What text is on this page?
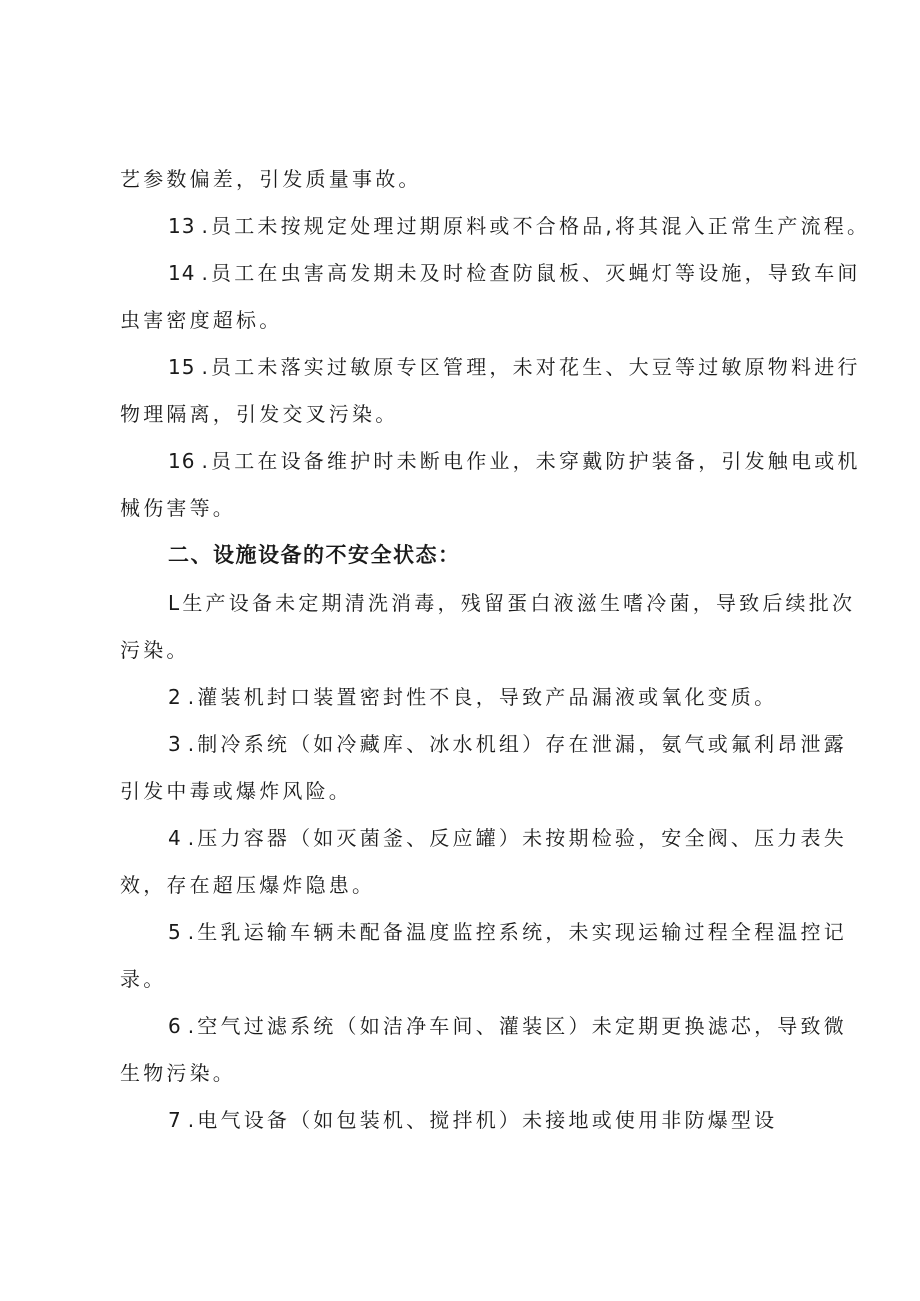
艺参数偏差，引发质量事故。
13 .员工未按规定处理过期原料或不合格品,将其混入正常生产流程。
14 .员工在虫害高发期未及时检查防鼠板、灭蝇灯等设施，导致车间
虫害密度超标。
15 .员工未落实过敏原专区管理，未对花生、大豆等过敏原物料进行
物理隔离，引发交叉污染。
16 .员工在设备维护时未断电作业，未穿戴防护装备，引发触电或机
械伤害等。
二、设施设备的不安全状态：
L生产设备未定期清洗消毒，残留蛋白液滋生嗜冷菌，导致后续批次
污染。
2 .灌装机封口装置密封性不良，导致产品漏液或氧化变质。
3 .制冷系统（如冷藏库、冰水机组）存在泄漏，氨气或氟利昂泄露
引发中毒或爆炸风险。
4 .压力容器（如灭菌釜、反应罐）未按期检验，安全阀、压力表失
效，存在超压爆炸隐患。
5 .生乳运输车辆未配备温度监控系统，未实现运输过程全程温控记
录。
6 .空气过滤系统（如洁净车间、灌装区）未定期更换滤芯，导致微
生物污染。
7 .电气设备（如包装机、搅拌机）未接地或使用非防爆型设
